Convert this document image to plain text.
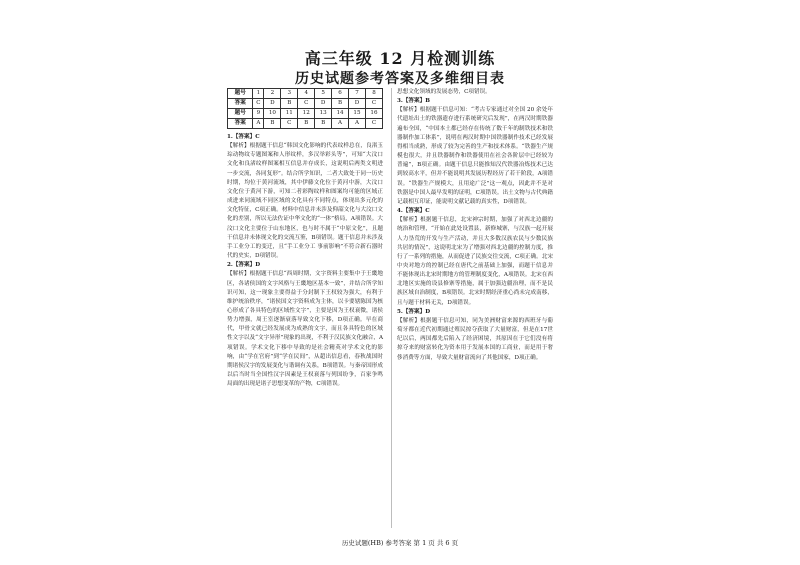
高三年级 12 月检测训练
历史试题参考答案及多维细目表
题号	1	2	3	4	5	6	7	8
答案	C	D	B	C	D	B	D	C
题号	9	10	11	12	13	14	15	16
答案	A	B	C	B	B	A	A	C

1.【答案】C

【解析】根据题干信息“韩国文化影响的代表纹样总在，良渚玉琮动物纹专题图案和人形纹样，多汉举彩头等”，可知“大汶口文化和良渚纹样图案相互信息并存成长，这说明后两类文明进一步交流，各同复形”。结合所学知识，二者大致处于同一历史时期，均位于黄河流域，其中伊藤文化位于黄河中游，大汶口文化位于黄河下游，可知二者彩陶纹样和图案均可能的区域正成进来同流域不同区域的文化具有不同特点，体现出多元化的文化特征，C项正确。材料中信息并未涉及仰韶文化与大汶口文化的差别，所以无法佐证中华文化的“一体”格局，A项错误。大汶口文化主要位于山东地区，也与时不属于“中原文化”，且题干信息并未体现文化的交流互鉴，B项错误。题干信息并未涉及手工业分工的变迁，且“手工业分工 事前影响”不符合新石器时代的史实，D项错误。

2.【答案】D

【解析】根据题干信息“西周时期，文字资料主要集中于王畿地区，各诸侯国的文字风格与王畿地区基本一致”，并结合所学知识可知，这一现象主要得益于分封制下王权较为强大，有利于维护统治秩序，“诸侯国文字资料成为主体，以卡要辖陈国为核心形成了各具特色的区域性文字”，主要是因为王权衰微，诸侯势力增强，周王室逐渐衰落导致文化下移，D项正确。早在商代，甲骨文就已经发展成为成熟的文字，而且各具特色的区域性文字以及“文字异形”现象的出现，不利于汉民族文化融合，A项错误。学术文化下移中导致的是社会精英对学术文化的影响，由“学在官府”到“学在民间”，从超出信息看，春秋战国时期诸侯汉字的发展变化与谐调有关系，B项错误。与秦帝国形成以后当时当全国性汉字因素是王权衰落与列国纷争，百家争鸣局面的出现是诸子思想变革的产物，C项错误。

思想文化领域的发展态势，C项错误。

3.【答案】B

【解析】根据题干信息可知：“考古专家通过对全国 20 余处年代遗址出土的铁器遗存进行系统研究后发现”，在两汉时期铁器遍布全国，“中国本土都已经存在传统了数千年的制铁技术和铁器制作加工体系”，说明在两汉时期中国铁器制作技术已经发展得相当成熟，形成了较为完善的生产和技术体系。“铁器生产规模也很大，并且铁器制作和铁器使用在社会各阶层中已经较为普遍”，B项正确。由题干信息只能推知汉代铁器冶炼技术已达到较高水平，但并不能说明其发展历程经历了若干阶段，A项错误。“铁器生产规模大，且用途广泛”这一观点，因此并不是对铁器是中国人最早发明的证明，C项错误。出土文物与古代典籍记载相互印证，能说明文献记载的真实性，D项错误。

4.【答案】C

【解析】根据题干信息，北宋神宗时期，加强了对西北边疆的统治和管理，“开始在此处设置县，新修城寨，与汉族一起开展人力垦荒的开发与生产活动，并且大多数汉族农民与少数民族共居的情况”，这说明北宋为了增强对西北边疆的控制力度，推行了一系列的措施，从而促进了民族交往交流，C项正确。北宋中央对地方的控制已经在唐代之前基础上加强，而题干信息并不能体现出北宋时期地方的管理制度变化，A项错误。北宋在西北地区实施的设县修寨等措施，属于加强边疆治理，而不是民族区域自治制度，B项错误。北宋时期经济重心尚未完成南移，且与题干材料无关，D项错误。

5.【答案】D

【解析】根据题干信息可知，同为美洲财富来源的西班牙与葡萄牙都在近代初期通过殖民掠夺获取了大量财富，但是在17世纪以后，两国都先后陷入了经济困境，其原因在于它们没有将掠夺来的财富转化为资本用于发展本国的工商业，而是用于奢侈消费等方面，导致大量财富流向了其他国家，D项正确。

历史试题(HB) 参考答案 第 1 页 共 6 页
